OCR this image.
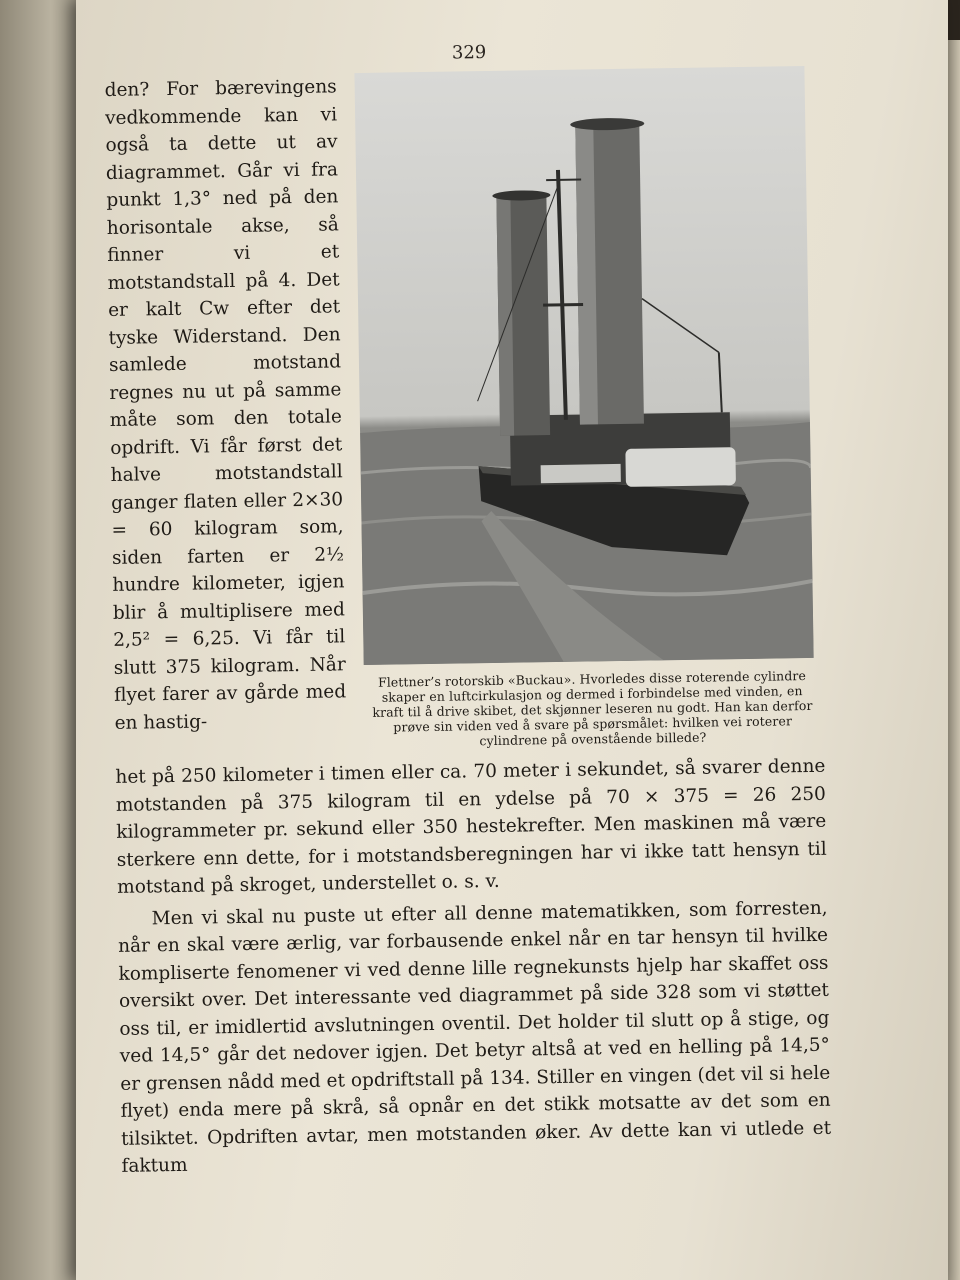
329

Flettner’s rotorskib «Buckau». Hvorledes disse roterende cylindre skaper en luftcirkulasjon og dermed i forbindelse med vinden, en kraft til å drive skibet, det skjønner leseren nu godt. Han kan derfor prøve sin viden ved å svare på spørsmålet: hvilken vei roterer cylindrene på ovenstående billede?

den? For bærevingens vedkommende kan vi også ta dette ut av diagrammet. Går vi fra punkt 1,3° ned på den horisontale akse, så finner vi et motstandstall på 4. Det er kalt Cw efter det tyske Widerstand. Den samlede motstand regnes nu ut på samme måte som den totale opdrift. Vi får først det halve motstandstall ganger flaten eller 2×30 = 60 kilogram som, siden farten er 2½ hundre kilometer, igjen blir å multiplisere med 2,5² = 6,25. Vi får til slutt 375 kilogram. Når flyet farer av gårde med en hastig-

het på 250 kilometer i timen eller ca. 70 meter i sekundet, så svarer denne motstanden på 375 kilogram til en ydelse på 70 × 375 = 26 250 kilogrammeter pr. sekund eller 350 hestekrefter. Men maskinen må være sterkere enn dette, for i motstandsberegningen har vi ikke tatt hensyn til motstand på skroget, understellet o. s. v.

Men vi skal nu puste ut efter all denne matematikken, som forresten, når en skal være ærlig, var forbausende enkel når en tar hensyn til hvilke kompliserte fenomener vi ved denne lille regnekunsts hjelp har skaffet oss oversikt over. Det interessante ved diagrammet på side 328 som vi støttet oss til, er imidlertid avslutningen oventil. Det holder til slutt op å stige, og ved 14,5° går det nedover igjen. Det betyr altså at ved en helling på 14,5° er grensen nådd med et opdriftstall på 134. Stiller en vingen (det vil si hele flyet) enda mere på skrå, så opnår en det stikk motsatte av det som en tilsiktet. Opdriften avtar, men motstanden øker. Av dette kan vi utlede et faktum
